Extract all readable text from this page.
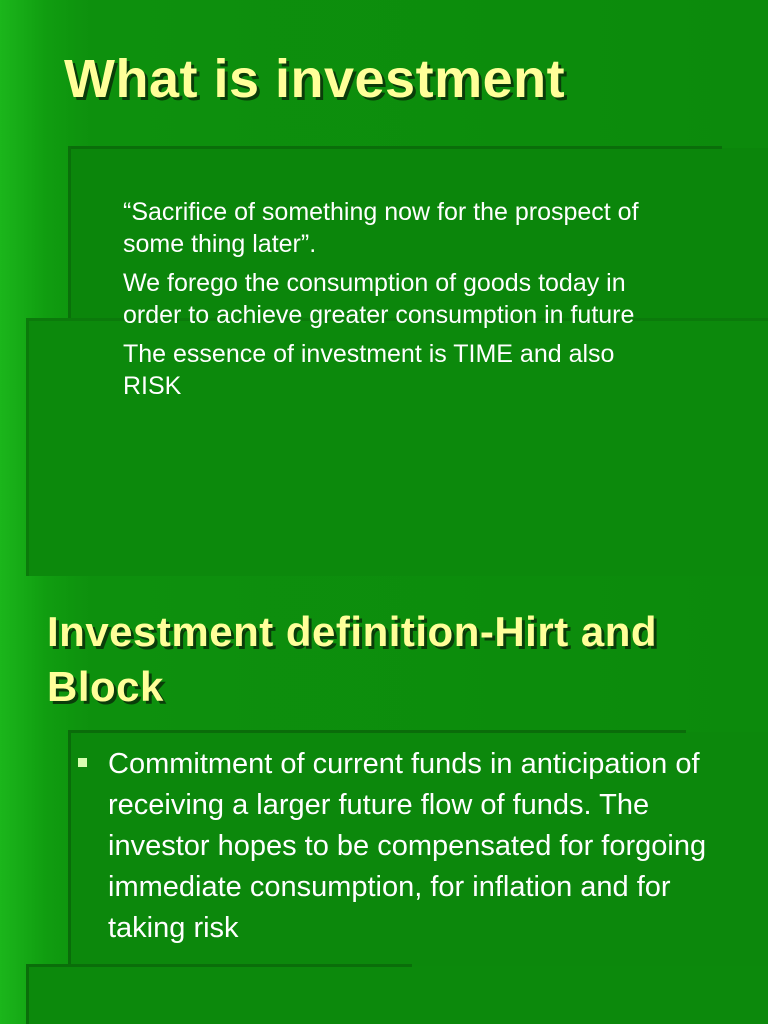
What is investment

“Sacrifice of something now for the prospect of some thing later”.

We forego the consumption of goods today in order to achieve greater consumption in future

The essence of investment is TIME and also RISK

Investment definition-Hirt and Block
Commitment of current funds in anticipation of receiving a larger future flow of funds. The investor hopes to be compensated for forgoing immediate consumption, for inflation and for taking risk
